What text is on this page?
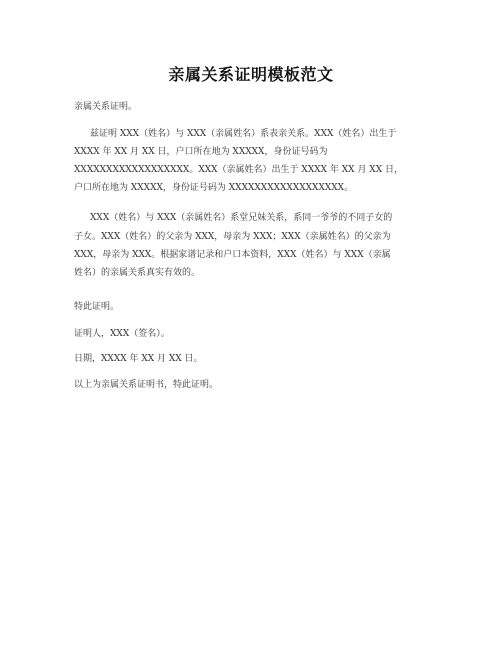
亲属关系证明模板范文
亲属关系证明。
兹证明 XXX（姓名）与 XXX（亲属姓名）系表亲关系。XXX（姓名）出生于
XXXX 年 XX 月 XX 日，户口所在地为 XXXXX，身份证号码为
XXXXXXXXXXXXXXXXXX。XXX（亲属姓名）出生于 XXXX 年 XX 月 XX 日，
户口所在地为 XXXXX，身份证号码为 XXXXXXXXXXXXXXXXXX。
XXX（姓名）与 XXX（亲属姓名）系堂兄妹关系，系同一爷爷的不同子女的
子女。XXX（姓名）的父亲为 XXX，母亲为 XXX；XXX（亲属姓名）的父亲为
XXX，母亲为 XXX。根据家谱记录和户口本资料，XXX（姓名）与 XXX（亲属
姓名）的亲属关系真实有效的。
特此证明。
证明人，XXX（签名）。
日期，XXXX 年 XX 月 XX 日。
以上为亲属关系证明书，特此证明。
